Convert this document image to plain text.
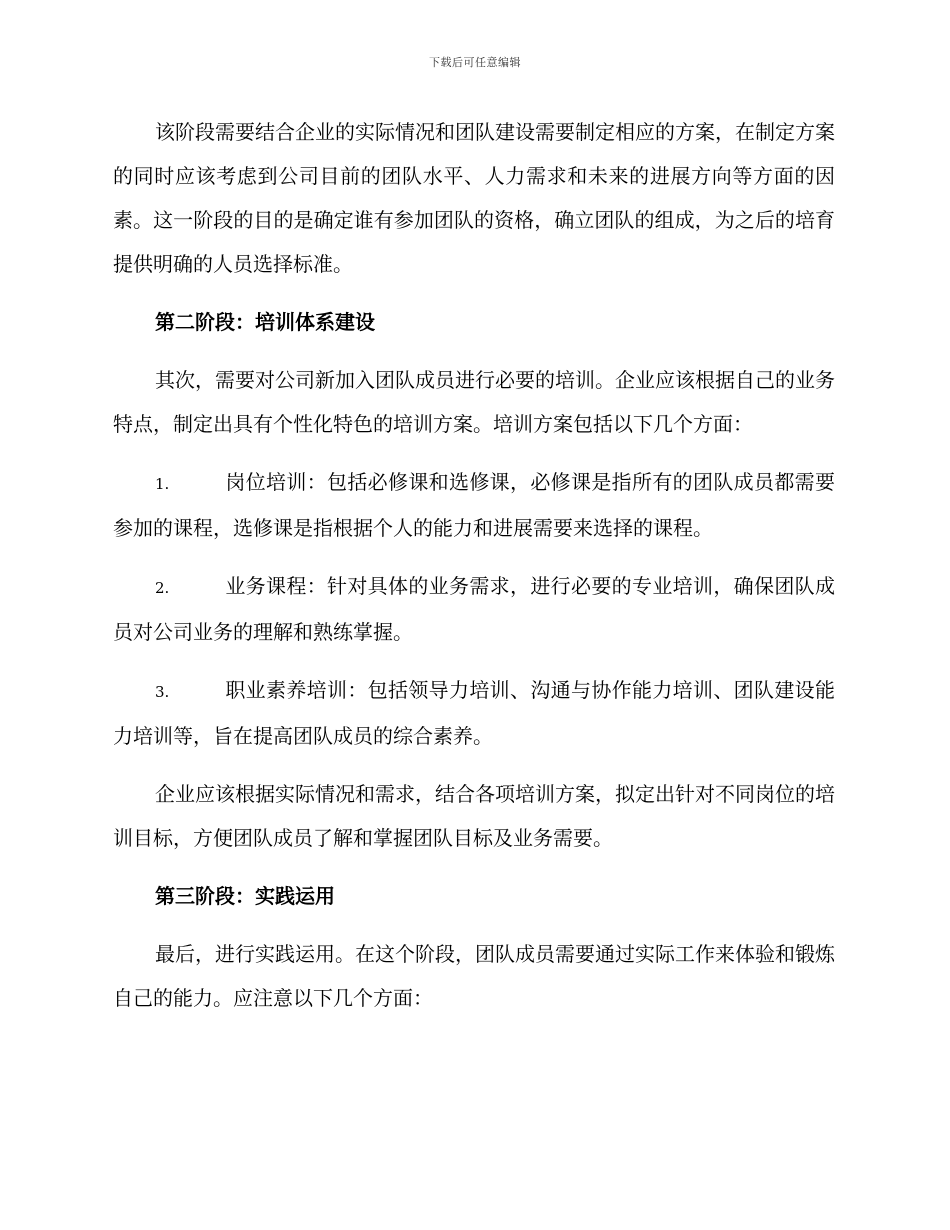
下载后可任意编辑

该阶段需要结合企业的实际情况和团队建设需要制定相应的方案，在制定方案的同时应该考虑到公司目前的团队水平、人力需求和未来的进展方向等方面的因素。这一阶段的目的是确定谁有参加团队的资格，确立团队的组成，为之后的培育提供明确的人员选择标准。

第二阶段：培训体系建设

其次，需要对公司新加入团队成员进行必要的培训。企业应该根据自己的业务特点，制定出具有个性化特色的培训方案。培训方案包括以下几个方面：

1.	岗位培训：包括必修课和选修课，必修课是指所有的团队成员都需要参加的课程，选修课是指根据个人的能力和进展需要来选择的课程。

2.	业务课程：针对具体的业务需求，进行必要的专业培训，确保团队成员对公司业务的理解和熟练掌握。

3.	职业素养培训：包括领导力培训、沟通与协作能力培训、团队建设能力培训等，旨在提高团队成员的综合素养。

企业应该根据实际情况和需求，结合各项培训方案，拟定出针对不同岗位的培训目标，方便团队成员了解和掌握团队目标及业务需要。

第三阶段：实践运用

最后，进行实践运用。在这个阶段，团队成员需要通过实际工作来体验和锻炼自己的能力。应注意以下几个方面：
